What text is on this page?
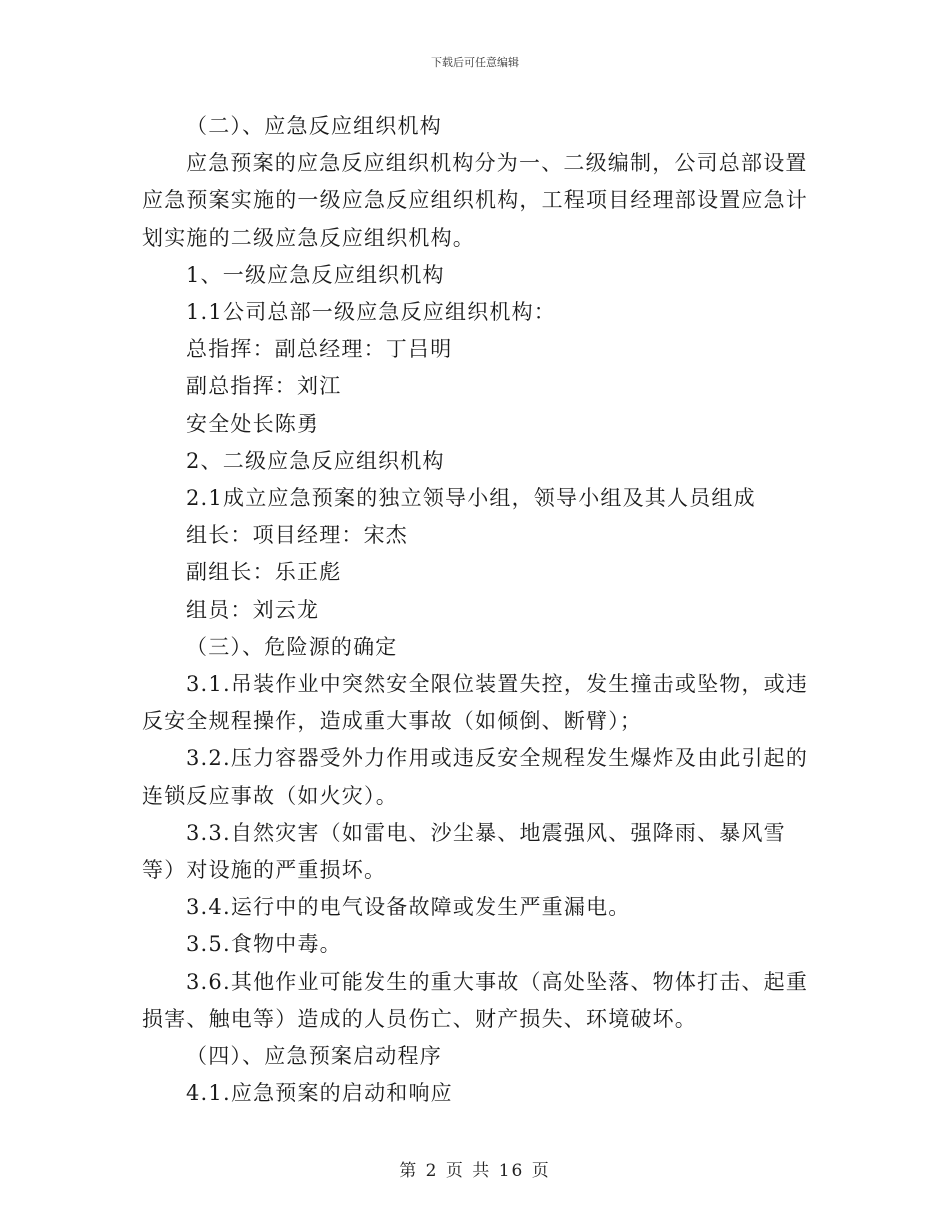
下载后可任意编辑
（二）、应急反应组织机构
应急预案的应急反应组织机构分为一、二级编制，公司总部设置
应急预案实施的一级应急反应组织机构，工程项目经理部设置应急计
划实施的二级应急反应组织机构。
1、一级应急反应组织机构
1.1公司总部一级应急反应组织机构：
总指挥：副总经理：丁吕明
副总指挥：刘江
安全处长陈勇
2、二级应急反应组织机构
2.1成立应急预案的独立领导小组，领导小组及其人员组成
组长：项目经理：宋杰
副组长：乐正彪
组员：刘云龙
（三）、危险源的确定
3.1.吊装作业中突然安全限位装置失控，发生撞击或坠物，或违
反安全规程操作，造成重大事故（如倾倒、断臂）；
3.2.压力容器受外力作用或违反安全规程发生爆炸及由此引起的
连锁反应事故（如火灾）。
3.3.自然灾害（如雷电、沙尘暴、地震强风、强降雨、暴风雪
等）对设施的严重损坏。
3.4.运行中的电气设备故障或发生严重漏电。
3.5.食物中毒。
3.6.其他作业可能发生的重大事故（高处坠落、物体打击、起重
损害、触电等）造成的人员伤亡、财产损失、环境破坏。
（四）、应急预案启动程序
4.1.应急预案的启动和响应
第 2 页 共 16 页
